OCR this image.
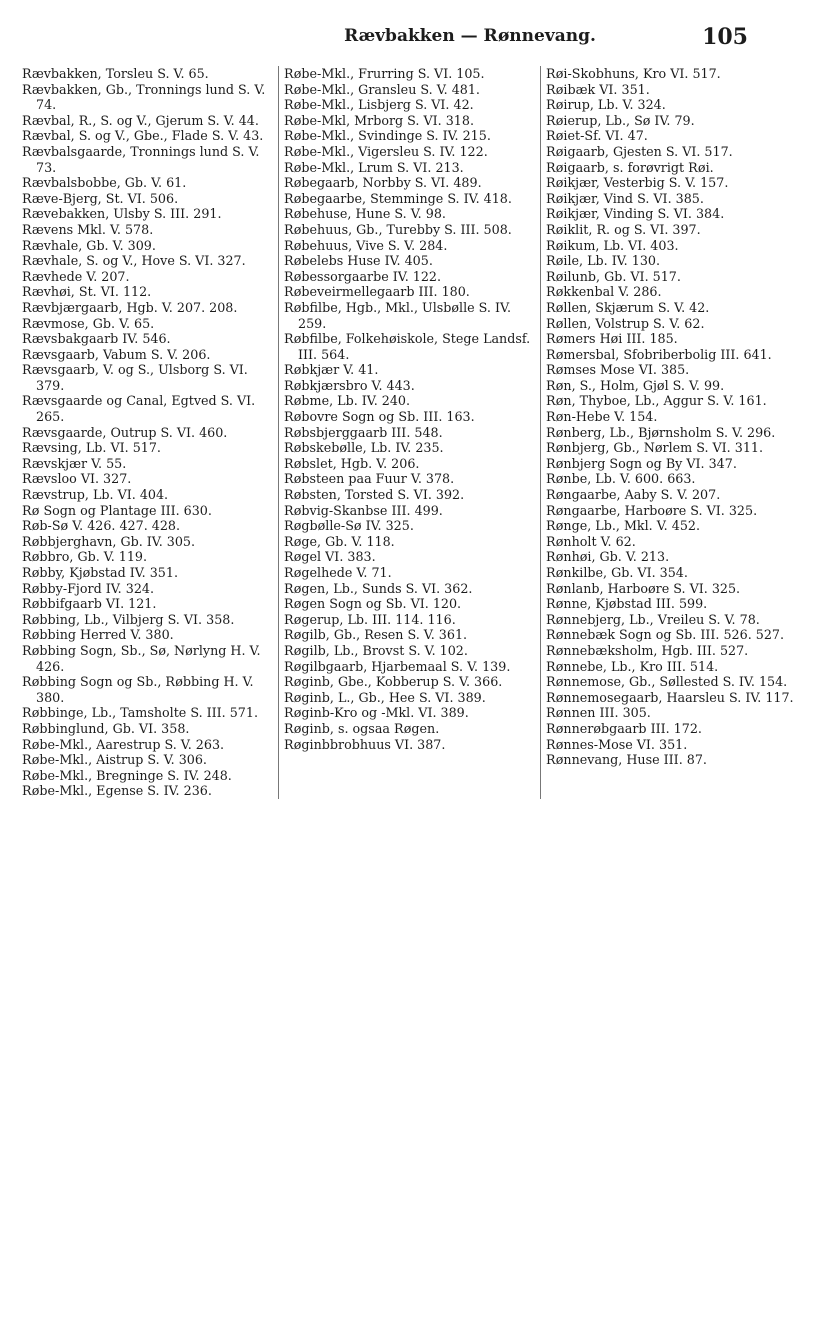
Rævbakken — Rønnevang.	105

Rævbakken, Torsleu S. V. 65.

Rævbakken, Gb., Tronnings lund S. V. 74.

Rævbal, R., S. og V., Gjerum S. V. 44.

Rævbal, S. og V., Gbe., Flade S. V. 43.

Rævbalsgaarde, Tronnings lund S. V. 73.

Rævbalsbobbe, Gb. V. 61.

Ræve-Bjerg, St. VI. 506.

Rævebakken, Ulsby S. III. 291.

Rævens Mkl. V. 578.

Rævhale, Gb. V. 309.

Rævhale, S. og V., Hove S. VI. 327.

Rævhede V. 207.

Rævhøi, St. VI. 112.

Rævbjærgaarb, Hgb. V. 207. 208.

Rævmose, Gb. V. 65.

Rævsbakgaarb IV. 546.

Rævsgaarb, Vabum S. V. 206.

Rævsgaarb, V. og S., Ulsborg S. VI. 379.

Rævsgaarde og Canal, Egtved S. VI. 265.

Rævsgaarde, Outrup S. VI. 460.

Rævsing, Lb. VI. 517.

Rævskjær V. 55.

Rævsloo VI. 327.

Rævstrup, Lb. VI. 404.

Rø Sogn og Plantage III. 630.

Røb-Sø V. 426. 427. 428.

Røbbjerghavn, Gb. IV. 305.

Røbbro, Gb. V. 119.

Røbby, Kjøbstad IV. 351.

Røbby-Fjord IV. 324.

Røbbifgaarb VI. 121.

Røbbing, Lb., Vilbjerg S. VI. 358.

Røbbing Herred V. 380.

Røbbing Sogn, Sb., Sø, Nørlyng H. V. 426.

Røbbing Sogn og Sb., Røbbing H. V. 380.

Røbbinge, Lb., Tamsholte S. III. 571.

Røbbinglund, Gb. VI. 358.

Røbe-Mkl., Aarestrup S. V. 263.

Røbe-Mkl., Aistrup S. V. 306.

Røbe-Mkl., Bregninge S. IV. 248.

Røbe-Mkl., Egense S. IV. 236.

Røbe-Mkl., Frurring S. VI. 105.

Røbe-Mkl., Gransleu S. V. 481.

Røbe-Mkl., Lisbjerg S. VI. 42.

Røbe-Mkl, Mrborg S. VI. 318.

Røbe-Mkl., Svindinge S. IV. 215.

Røbe-Mkl., Vigersleu S. IV. 122.

Røbe-Mkl., Lrum S. VI. 213.

Røbegaarb, Norbby S. VI. 489.

Røbegaarbe, Stemminge S. IV. 418.

Røbehuse, Hune S. V. 98.

Røbehuus, Gb., Turebby S. III. 508.

Røbehuus, Vive S. V. 284.

Røbelebs Huse IV. 405.

Røbessorgaarbe IV. 122.

Røbeveirmellegaarb III. 180.

Røbfilbe, Hgb., Mkl., Ulsbølle S. IV. 259.

Røbfilbe, Folkehøiskole, Stege Landsf. III. 564.

Røbkjær V. 41.

Røbkjærsbro V. 443.

Røbme, Lb. IV. 240.

Røbovre Sogn og Sb. III. 163.

Røbsbjerggaarb III. 548.

Røbskebølle, Lb. IV. 235.

Røbslet, Hgb. V. 206.

Røbsteen paa Fuur V. 378.

Røbsten, Torsted S. VI. 392.

Røbvig-Skanbse III. 499.

Røgbølle-Sø IV. 325.

Røge, Gb. V. 118.

Røgel VI. 383.

Røgelhede V. 71.

Røgen, Lb., Sunds S. VI. 362.

Røgen Sogn og Sb. VI. 120.

Røgerup, Lb. III. 114. 116.

Røgilb, Gb., Resen S. V. 361.

Røgilb, Lb., Brovst S. V. 102.

Røgilbgaarb, Hjarbemaal S. V. 139.

Røginb, Gbe., Kobberup S. V. 366.

Røginb, L., Gb., Hee S. VI. 389.

Røginb-Kro og -Mkl. VI. 389.

Røginb, s. ogsaa Røgen.

Røginbbrobhuus VI. 387.

Røi-Skobhuns, Kro VI. 517.

Røibæk VI. 351.

Røirup, Lb. V. 324.

Røierup, Lb., Sø IV. 79.

Røiet-Sf. VI. 47.

Røigaarb, Gjesten S. VI. 517.

Røigaarb, s. forøvrigt Røi.

Røikjær, Vesterbig S. V. 157.

Røikjær, Vind S. VI. 385.

Røikjær, Vinding S. VI. 384.

Røiklit, R. og S. VI. 397.

Røikum, Lb. VI. 403.

Røile, Lb. IV. 130.

Røilunb, Gb. VI. 517.

Røkkenbal V. 286.

Røllen, Skjærum S. V. 42.

Røllen, Volstrup S. V. 62.

Rømers Høi III. 185.

Rømersbal, Sfobriberbolig III. 641.

Rømses Mose VI. 385.

Røn, S., Holm, Gjøl S. V. 99.

Røn, Thyboe, Lb., Aggur S. V. 161.

Røn-Hebe V. 154.

Rønberg, Lb., Bjørnsholm S. V. 296.

Rønbjerg, Gb., Nørlem S. VI. 311.

Rønbjerg Sogn og By VI. 347.

Rønbe, Lb. V. 600. 663.

Røngaarbe, Aaby S. V. 207.

Røngaarbe, Harboøre S. VI. 325.

Rønge, Lb., Mkl. V. 452.

Rønholt V. 62.

Rønhøi, Gb. V. 213.

Rønkilbe, Gb. VI. 354.

Rønlanb, Harboøre S. VI. 325.

Rønne, Kjøbstad III. 599.

Rønnebjerg, Lb., Vreileu S. V. 78.

Rønnebæk Sogn og Sb. III. 526. 527.

Rønnebæksholm, Hgb. III. 527.

Rønnebe, Lb., Kro III. 514.

Rønnemose, Gb., Søllested S. IV. 154.

Rønnemosegaarb, Haarsleu S. IV. 117.

Rønnen III. 305.

Rønnerøbgaarb III. 172.

Rønnes-Mose VI. 351.

Rønnevang, Huse III. 87.
